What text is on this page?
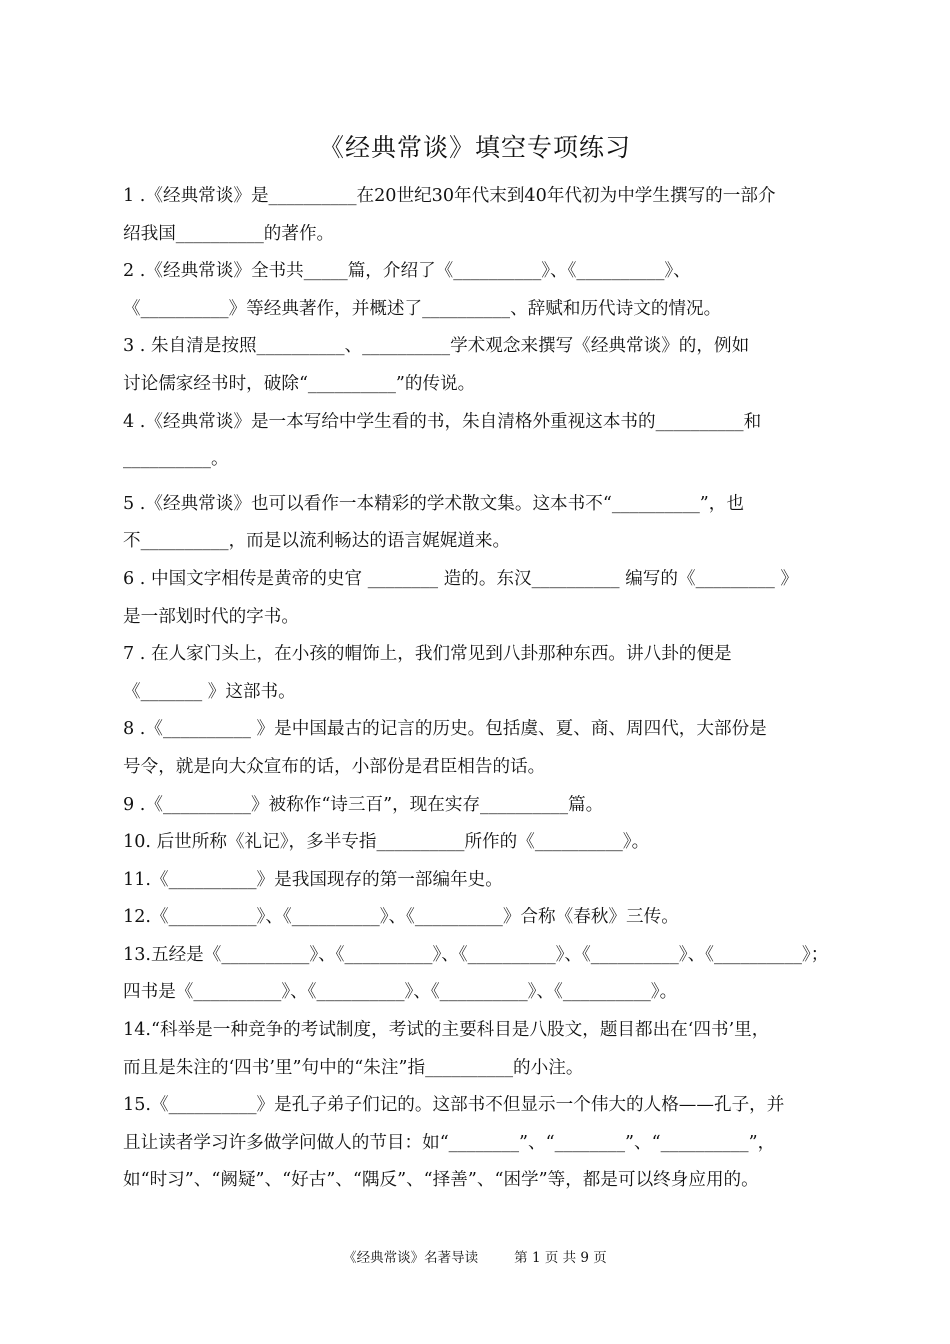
《经典常谈》填空专项练习
1 .《经典常谈》是__________在20世纪30年代末到40年代初为中学生撰写的一部介
绍我国__________的著作。
2 .《经典常谈》全书共_____篇，介绍了《__________》、《__________》、
《__________》等经典著作，并概述了__________、辞赋和历代诗文的情况。
3 . 朱自清是按照__________、__________学术观念来撰写《经典常谈》的，例如
讨论儒家经书时，破除“__________”的传说。
4 .《经典常谈》是一本写给中学生看的书，朱自清格外重视这本书的__________和
__________。
5 .《经典常谈》也可以看作一本精彩的学术散文集。这本书不“__________”，也
不__________，而是以流利畅达的语言娓娓道来。
6 . 中国文字相传是黄帝的史官 ________ 造的。东汉__________ 编写的《_________ 》
是一部划时代的字书。
7 . 在人家门头上，在小孩的帽饰上，我们常见到八卦那种东西。讲八卦的便是
《_______ 》这部书。
8 .《__________ 》是中国最古的记言的历史。包括虞、夏、商、周四代，大部份是
号令，就是向大众宣布的话，小部份是君臣相告的话。
9 .《__________》被称作“诗三百”，现在实存__________篇。
10. 后世所称《礼记》，多半专指__________所作的《__________》。
11.《__________》是我国现存的第一部编年史。
12.《__________》、《__________》、《__________》合称《春秋》三传。
13.五经是《__________》、《__________》、《__________》、《__________》、《__________》；
四书是《__________》、《__________》、《__________》、《__________》。
14.“科举是一种竞争的考试制度，考试的主要科目是八股文，题目都出在‘四书’里，
而且是朱注的‘四书’里”句中的“朱注”指__________的小注。
15.《__________》是孔子弟子们记的。这部书不但显示一个伟大的人格——孔子，并
且让读者学习许多做学问做人的节目：如“________”、“________”、“__________”，
如“时习”、“阙疑”、“好古”、“隅反”、“择善”、“困学”等，都是可以终身应用的。
《经典常谈》名著导读	第 1 页 共 9 页
